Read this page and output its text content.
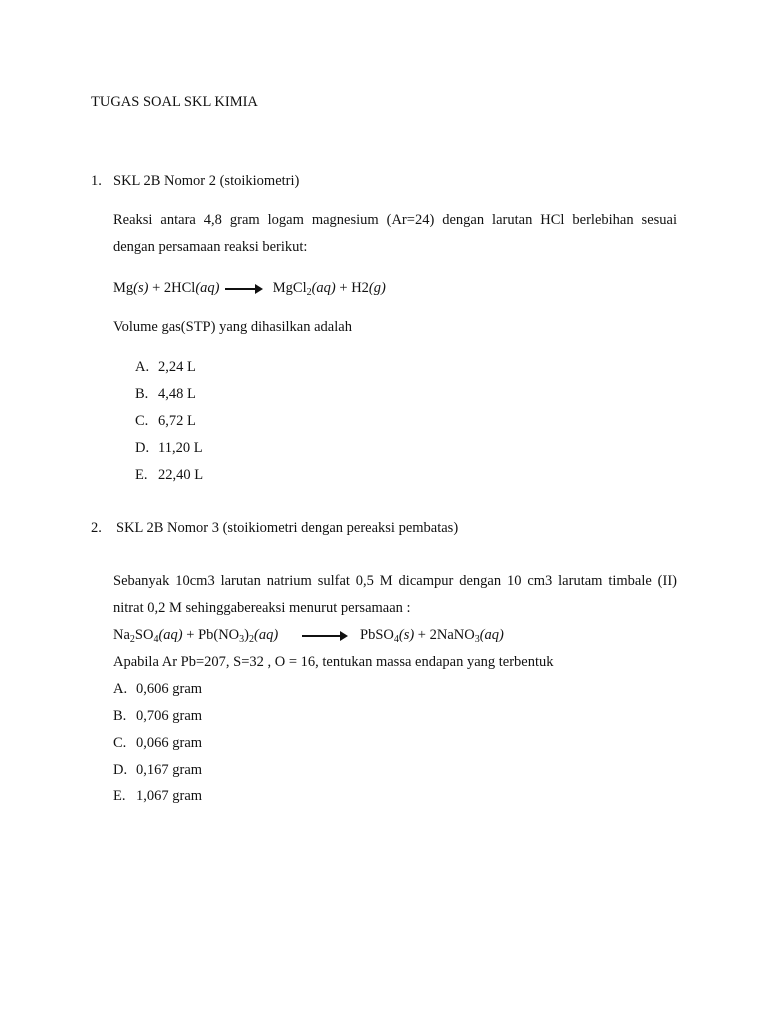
TUGAS SOAL SKL KIMIA
1. SKL 2B Nomor 2 (stoikiometri)
Reaksi antara 4,8 gram logam magnesium (Ar=24) dengan larutan HCl berlebihan sesuai
dengan persamaan reaksi berikut:
Mg(s) + 2HCl(aq) → MgCl$_2$(aq) + H2(g)
Volume gas(STP) yang dihasilkan adalah
A. 2,24 L
B. 4,48 L
C. 6,72 L
D. 11,20 L
E. 22,40 L
2. SKL 2B Nomor 3 (stoikiometri dengan pereaksi pembatas)
Sebanyak 10cm3 larutan natrium sulfat 0,5 M dicampur dengan 10 cm3 larutam timbale (II)
nitrat 0,2 M sehinggabereaksi menurut persamaan :
$Na_2SO_4(aq) + Pb(NO_3)_2(aq)$ → PbSO$_4$(s) + 2NaNO$_3$(aq)
Apabila Ar Pb=207, S=32 , O = 16, tentukan massa endapan yang terbentuk
A. 0,606 gram
B. 0,706 gram
C. 0,066 gram
D. 0,167 gram
E. 1,067 gram
